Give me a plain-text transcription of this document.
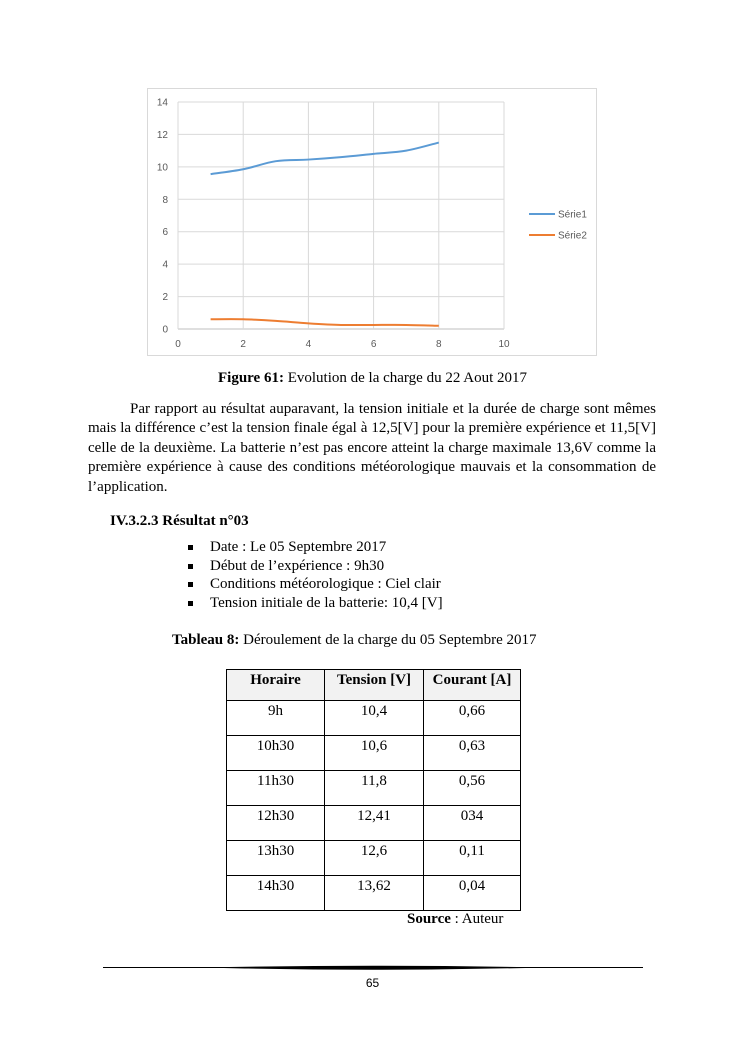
0
2
4
6
8
10
12
14
0	2	4	6	8	10
Série1
Série2
Figure 61: Evolution de la charge du 22 Aout 2017

Par rapport au résultat auparavant, la tension initiale et la durée de charge sont mêmes mais la différence c’est la tension finale égal à 12,5[V] pour la première expérience et 11,5[V] celle de la deuxième. La batterie n’est pas encore atteint la charge maximale 13,6V comme la première expérience à cause des conditions météorologique mauvais et la consommation de l’application.

IV.3.2.3 Résultat n°03
Date : Le 05 Septembre 2017
Début de l’expérience : 9h30
Conditions météorologique : Ciel clair
Tension initiale de la batterie: 10,4 [V]
Tableau 8: Déroulement de la charge du 05 Septembre 2017
Horaire	Tension [V]	Courant [A]
9h	10,4	0,66
10h30	10,6	0,63
11h30	11,8	0,56
12h30	12,41	034
13h30	12,6	0,11
14h30	13,62	0,04
Source : Auteur
65
